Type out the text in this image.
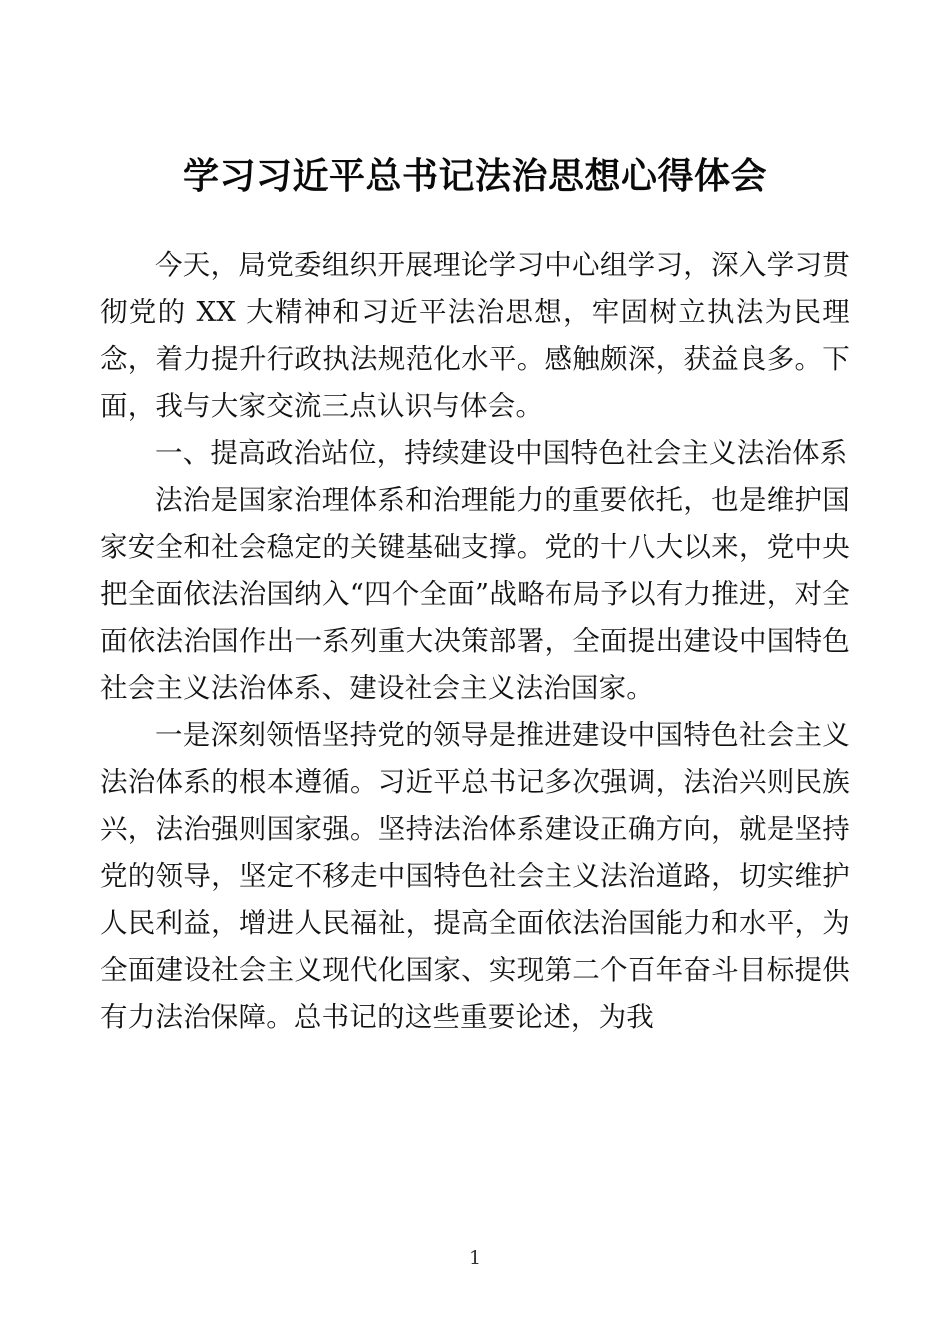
学习习近平总书记法治思想心得体会

今天，局党委组织开展理论学习中心组学习，深入学习贯彻党的 XX 大精神和习近平法治思想，牢固树立执法为民理念，着力提升行政执法规范化水平。感触颇深，获益良多。下面，我与大家交流三点认识与体会。

一、提高政治站位，持续建设中国特色社会主义法治体系

法治是国家治理体系和治理能力的重要依托，也是维护国家安全和社会稳定的关键基础支撑。党的十八大以来，党中央把全面依法治国纳入“四个全面”战略布局予以有力推进，对全面依法治国作出一系列重大决策部署，全面提出建设中国特色社会主义法治体系、建设社会主义法治国家。

一是深刻领悟坚持党的领导是推进建设中国特色社会主义法治体系的根本遵循。习近平总书记多次强调，法治兴则民族兴，法治强则国家强。坚持法治体系建设正确方向，就是坚持党的领导，坚定不移走中国特色社会主义法治道路，切实维护人民利益，增进人民福祉，提高全面依法治国能力和水平，为全面建设社会主义现代化国家、实现第二个百年奋斗目标提供有力法治保障。总书记的这些重要论述，为我

1
